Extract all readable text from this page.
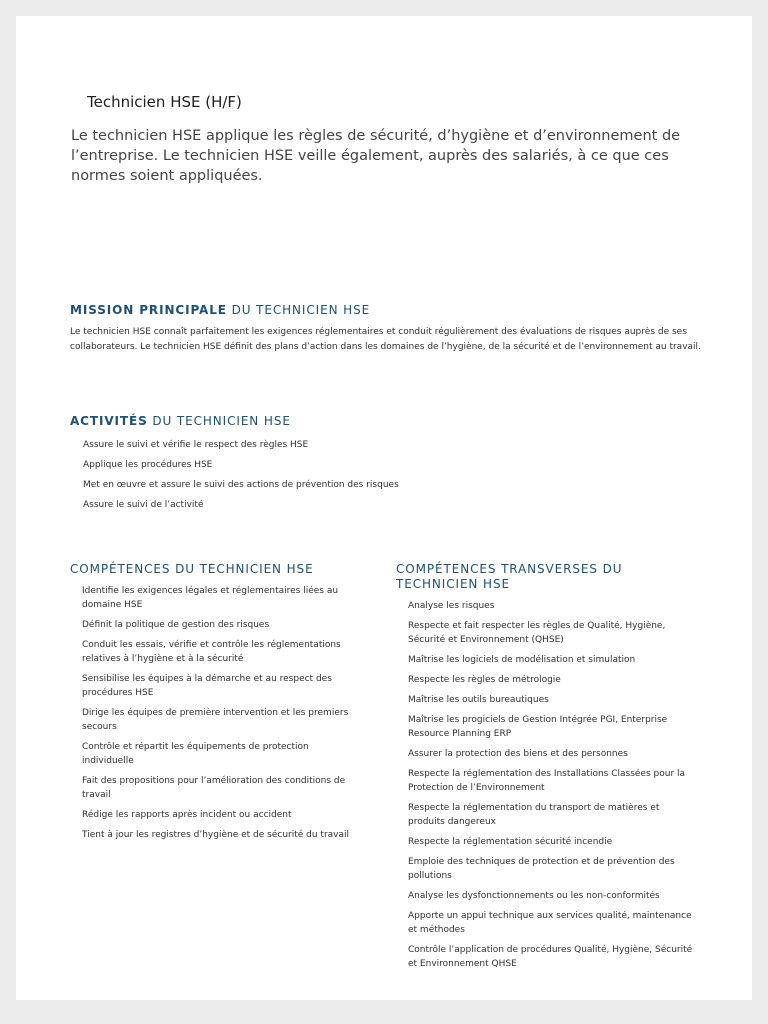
Technicien HSE (H/F)

Le technicien HSE applique les règles de sécurité, d’hygiène et d’environnement de l’entreprise. Le technicien HSE veille également, auprès des salariés, à ce que ces normes soient appliquées.

MISSION PRINCIPALE DU TECHNICIEN HSE

Le technicien HSE connaît parfaitement les exigences réglementaires et conduit régulièrement des évaluations de risques auprès de ses collaborateurs. Le technicien HSE définit des plans d’action dans les domaines de l’hygiène, de la sécurité et de l’environnement au travail.

ACTIVITÉS DU TECHNICIEN HSE
Assure le suivi et vérifie le respect des règles HSE
Applique les procédures HSE
Met en œuvre et assure le suivi des actions de prévention des risques
Assure le suivi de l’activité
COMPÉTENCES DU TECHNICIEN HSE
Identifie les exigences légales et réglementaires liées au domaine HSE
Définit la politique de gestion des risques
Conduit les essais, vérifie et contrôle les réglementations relatives à l’hygiène et à la sécurité
Sensibilise les équipes à la démarche et au respect des procédures HSE
Dirige les équipes de première intervention et les premiers secours
Contrôle et répartit les équipements de protection individuelle
Fait des propositions pour l’amélioration des conditions de travail
Rédige les rapports après incident ou accident
Tient à jour les registres d’hygiène et de sécurité du travail
COMPÉTENCES TRANSVERSES DU TECHNICIEN HSE
Analyse les risques
Respecte et fait respecter les règles de Qualité, Hygiène, Sécurité et Environnement (QHSE)
Maîtrise les logiciels de modélisation et simulation
Respecte les règles de métrologie
Maîtrise les outils bureautiques
Maîtrise les progiciels de Gestion Intégrée PGI, Enterprise Resource Planning ERP
Assurer la protection des biens et des personnes
Respecte la réglementation des Installations Classées pour la Protection de l’Environnement
Respecte la réglementation du transport de matières et produits dangereux
Respecte la réglementation sécurité incendie
Emploie des techniques de protection et de prévention des pollutions
Analyse les dysfonctionnements ou les non-conformités
Apporte un appui technique aux services qualité, maintenance et méthodes
Contrôle l’application de procédures Qualité, Hygiène, Sécurité et Environnement QHSE
